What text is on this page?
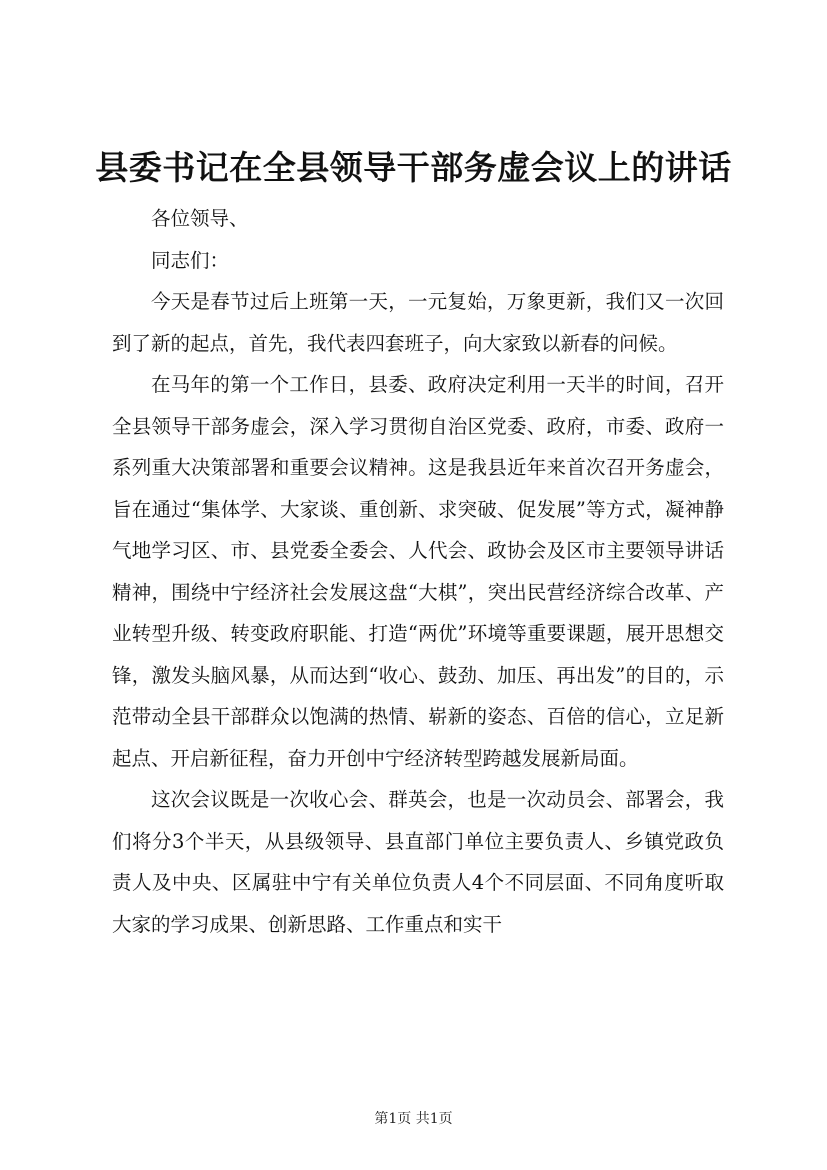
县委书记在全县领导干部务虚会议上的讲话

各位领导、

同志们：

今天是春节过后上班第一天，一元复始，万象更新，我们又一次回到了新的起点，首先，我代表四套班子，向大家致以新春的问候。

在马年的第一个工作日，县委、政府决定利用一天半的时间，召开全县领导干部务虚会，深入学习贯彻自治区党委、政府，市委、政府一系列重大决策部署和重要会议精神。这是我县近年来首次召开务虚会，旨在通过“集体学、大家谈、重创新、求突破、促发展”等方式，凝神静气地学习区、市、县党委全委会、人代会、政协会及区市主要领导讲话精神，围绕中宁经济社会发展这盘“大棋”，突出民营经济综合改革、产业转型升级、转变政府职能、打造“两优”环境等重要课题，展开思想交锋，激发头脑风暴，从而达到“收心、鼓劲、加压、再出发”的目的，示范带动全县干部群众以饱满的热情、崭新的姿态、百倍的信心，立足新起点、开启新征程，奋力开创中宁经济转型跨越发展新局面。

这次会议既是一次收心会、群英会，也是一次动员会、部署会，我们将分3个半天，从县级领导、县直部门单位主要负责人、乡镇党政负责人及中央、区属驻中宁有关单位负责人4个不同层面、不同角度听取大家的学习成果、创新思路、工作重点和实干

第1页 共1页
